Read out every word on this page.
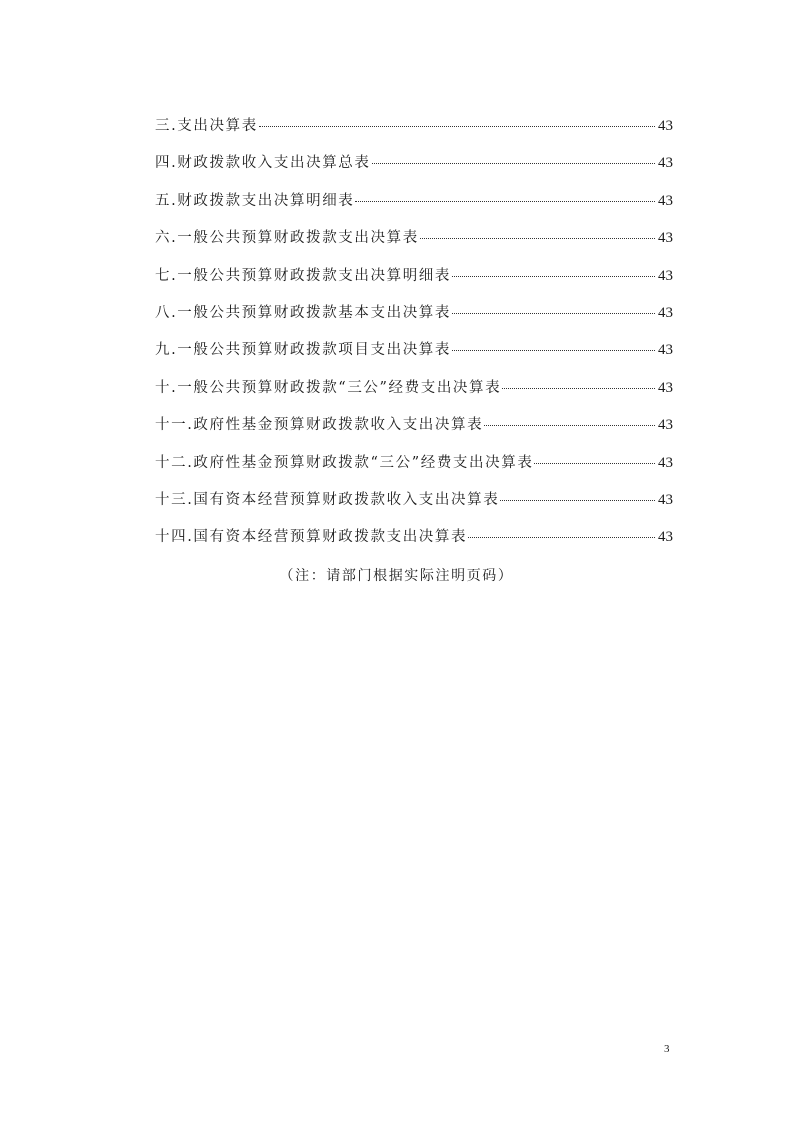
三.支出决算表	43
四.财政拨款收入支出决算总表	43
五.财政拨款支出决算明细表	43
六.一般公共预算财政拨款支出决算表	43
七.一般公共预算财政拨款支出决算明细表	43
八.一般公共预算财政拨款基本支出决算表	43
九.一般公共预算财政拨款项目支出决算表	43
十.一般公共预算财政拨款“三公”经费支出决算表	43
十一.政府性基金预算财政拨款收入支出决算表	43
十二.政府性基金预算财政拨款“三公”经费支出决算表	43
十三.国有资本经营预算财政拨款收入支出决算表	43
十四.国有资本经营预算财政拨款支出决算表	43
（注：请部门根据实际注明页码）
3
